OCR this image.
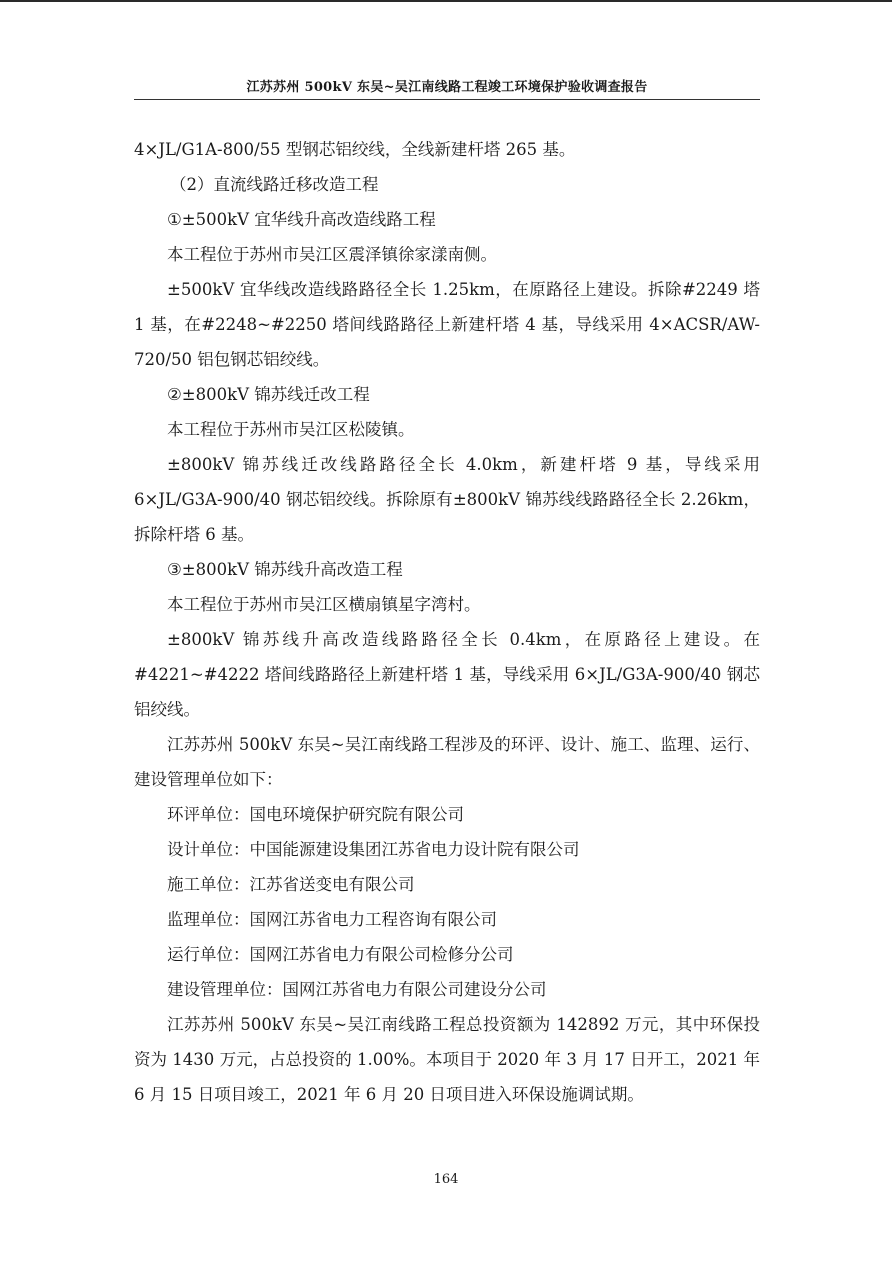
江苏苏州 500kV 东吴~吴江南线路工程竣工环境保护验收调查报告

4×JL/G1A-800/55 型钢芯铝绞线，全线新建杆塔 265 基。

（2）直流线路迁移改造工程

①±500kV 宜华线升高改造线路工程

本工程位于苏州市吴江区震泽镇徐家漾南侧。

±500kV 宜华线改造线路路径全长 1.25km，在原路径上建设。拆除#2249 塔 1 基，在#2248~#2250 塔间线路路径上新建杆塔 4 基，导线采用 4×ACSR/AW-720/50 铝包钢芯铝绞线。

②±800kV 锦苏线迁改工程

本工程位于苏州市吴江区松陵镇。

±800kV 锦苏线迁改线路路径全长 4.0km，新建杆塔 9 基，导线采用 6×JL/G3A-900/40 钢芯铝绞线。拆除原有±800kV 锦苏线线路路径全长 2.26km，拆除杆塔 6 基。

③±800kV 锦苏线升高改造工程

本工程位于苏州市吴江区横扇镇星字湾村。

±800kV 锦苏线升高改造线路路径全长 0.4km，在原路径上建设。在#4221~#4222 塔间线路路径上新建杆塔 1 基，导线采用 6×JL/G3A-900/40 钢芯铝绞线。

江苏苏州 500kV 东吴~吴江南线路工程涉及的环评、设计、施工、监理、运行、建设管理单位如下：

环评单位：国电环境保护研究院有限公司

设计单位：中国能源建设集团江苏省电力设计院有限公司

施工单位：江苏省送变电有限公司

监理单位：国网江苏省电力工程咨询有限公司

运行单位：国网江苏省电力有限公司检修分公司

建设管理单位：国网江苏省电力有限公司建设分公司

江苏苏州 500kV 东吴~吴江南线路工程总投资额为 142892 万元，其中环保投资为 1430 万元，占总投资的 1.00%。本项目于 2020 年 3 月 17 日开工，2021 年 6 月 15 日项目竣工，2021 年 6 月 20 日项目进入环保设施调试期。

164
